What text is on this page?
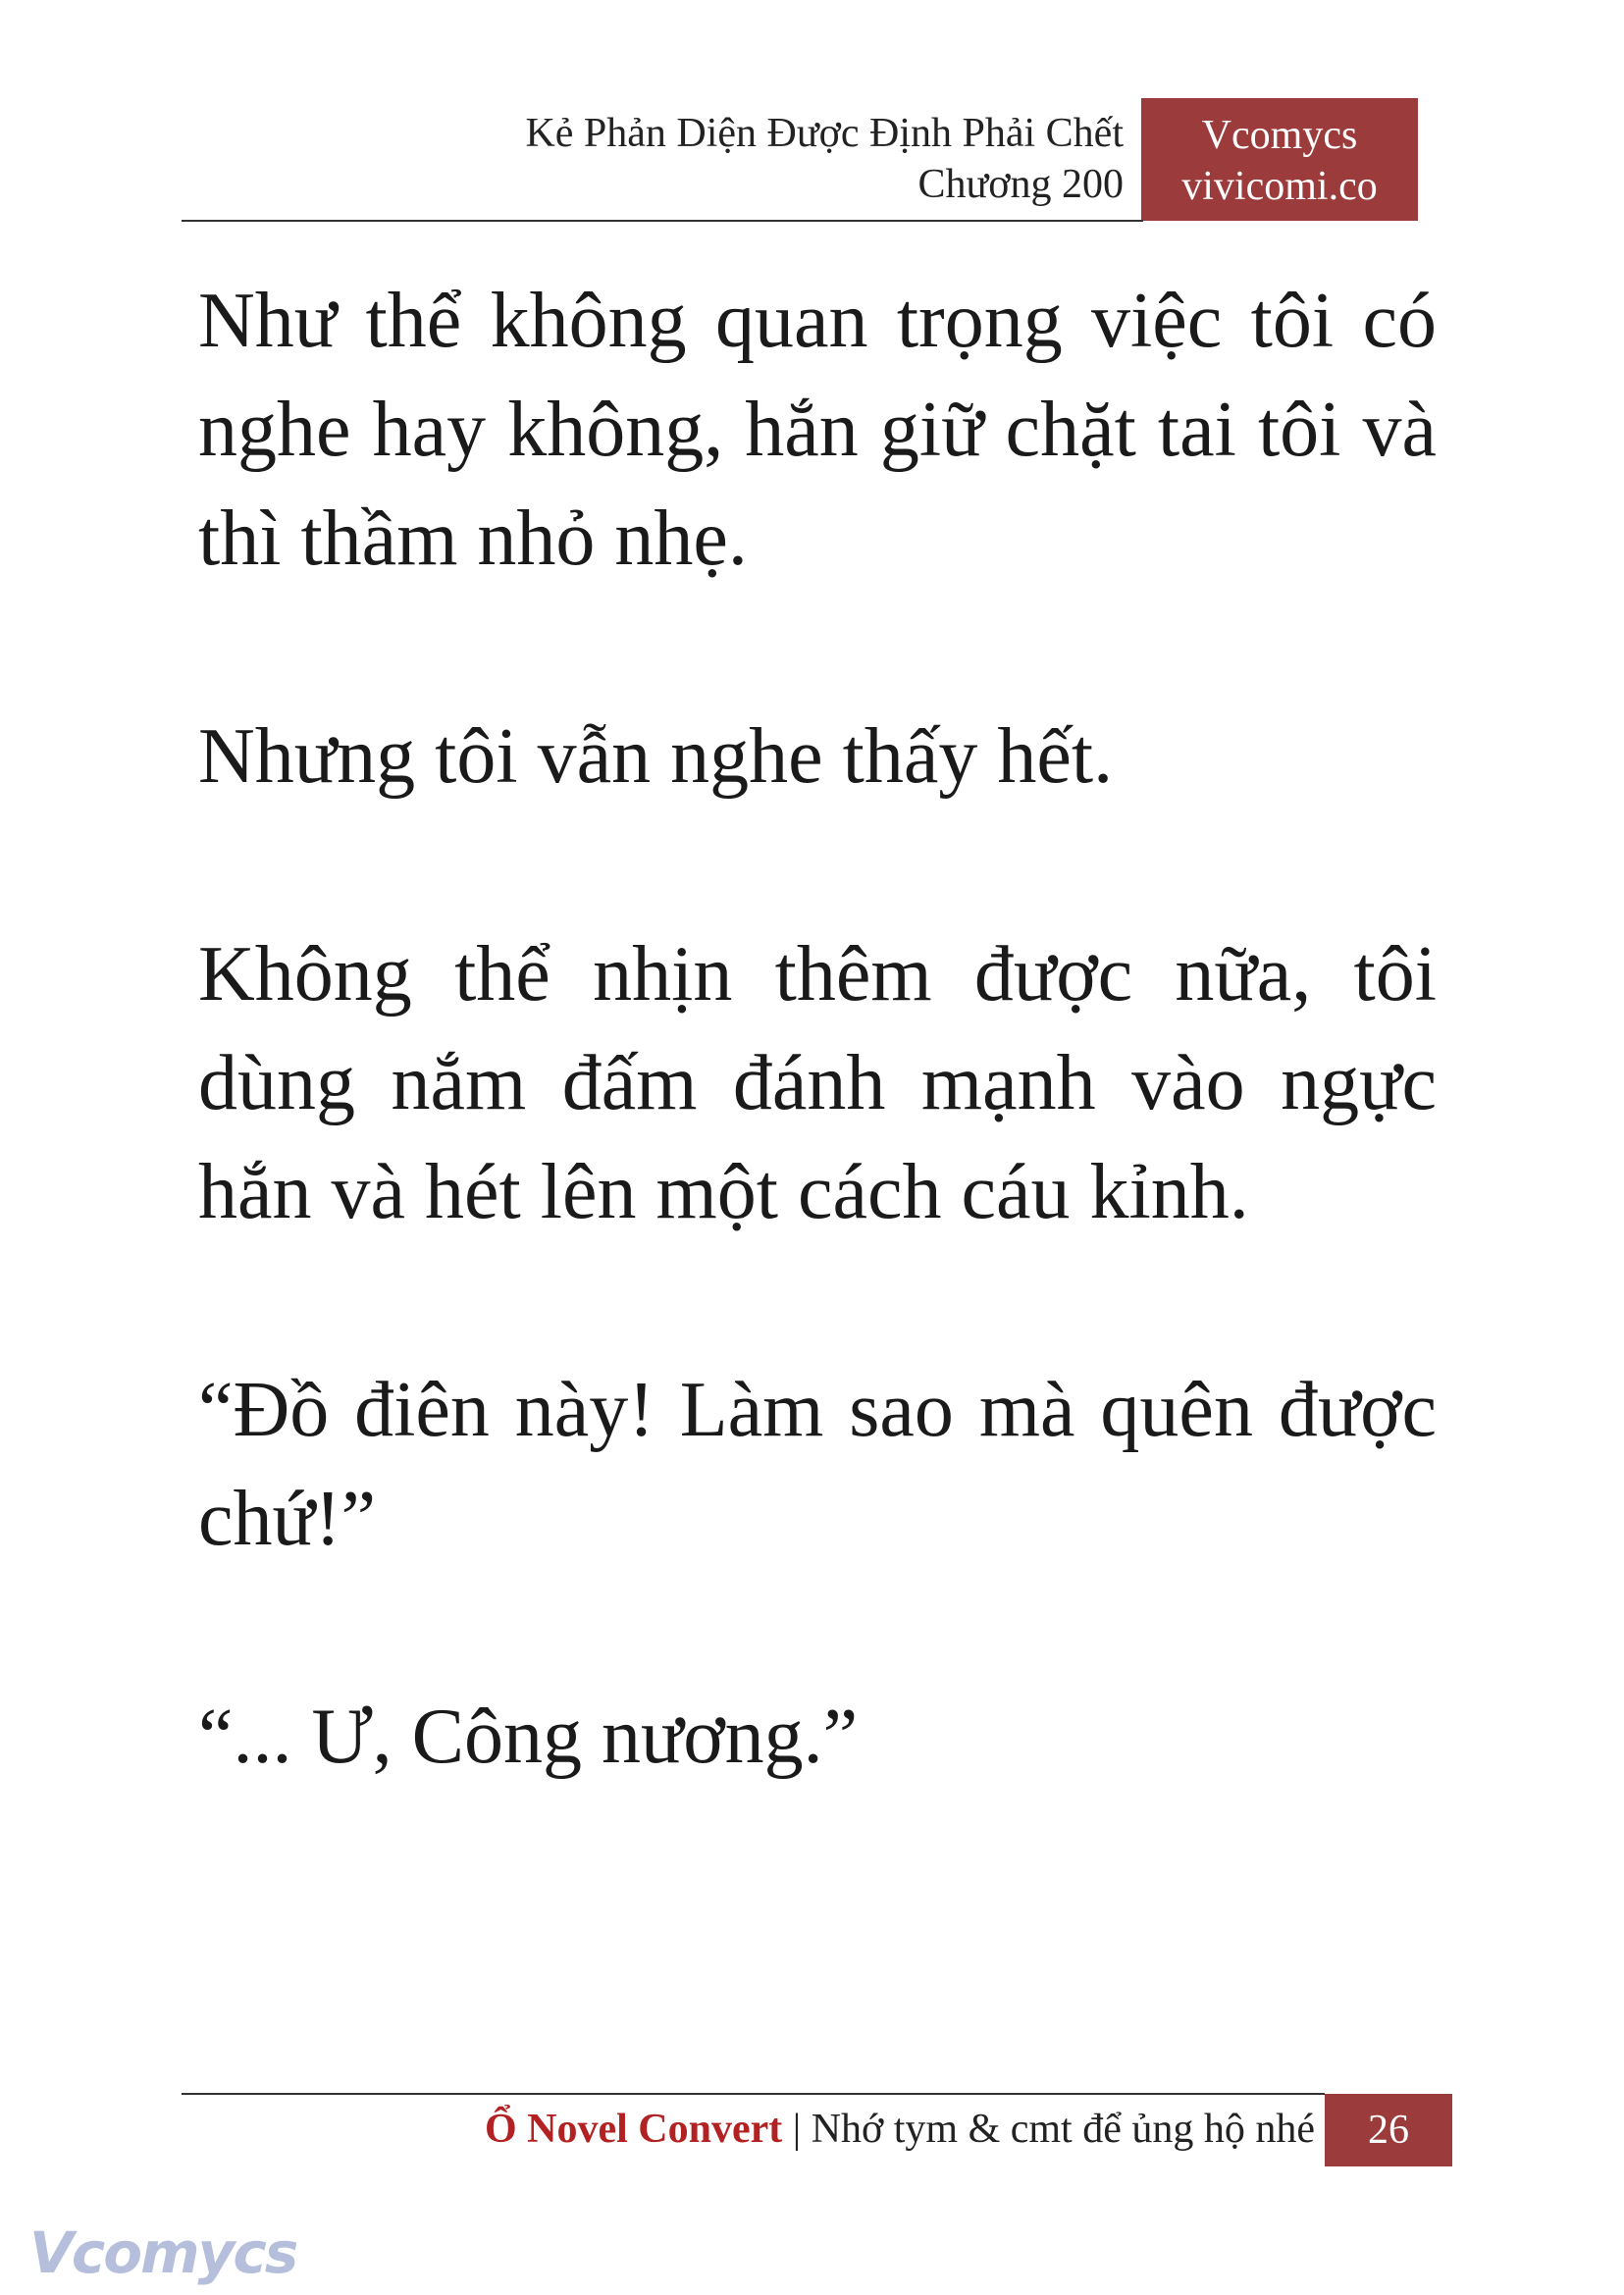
Kẻ Phản Diện Được Định Phải Chết
Chương 200
Vcomycs
vivicomi.co

Như thể không quan trọng việc tôi có nghe hay không, hắn giữ chặt tai tôi và thì thầm nhỏ nhẹ.

Nhưng tôi vẫn nghe thấy hết.

Không thể nhịn thêm được nữa, tôi dùng nắm đấm đánh mạnh vào ngực hắn và hét lên một cách cáu kỉnh.

“Đồ điên này! Làm sao mà quên được chứ!”

“... Ư, Công nương.”

Ổ Novel Convert | Nhớ tym & cmt để ủng hộ nhé	26
Vcomycs
